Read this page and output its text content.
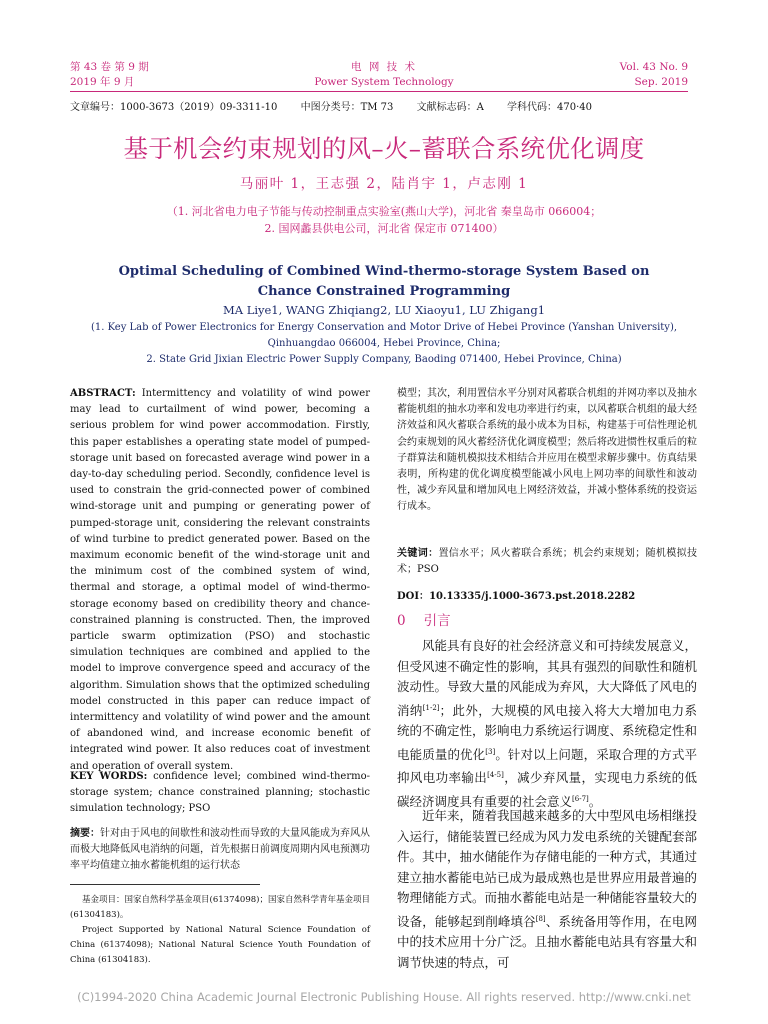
第 43 卷 第 9 期
2019 年 9 月
电 网 技 术
Power System Technology
Vol. 43 No. 9
Sep. 2019
文章编号：1000-3673（2019）09-3311-10 中图分类号：TM 73 文献标志码：A 学科代码：470·40
基于机会约束规划的风–火–蓄联合系统优化调度
马丽叶 1，王志强 2，陆肖宇 1，卢志刚 1
（1. 河北省电力电子节能与传动控制重点实验室(燕山大学)，河北省 秦皇岛市 066004；
2. 国网蠡县供电公司，河北省 保定市 071400）
Optimal Scheduling of Combined Wind-thermo-storage System Based on
Chance Constrained Programming
MA Liye1, WANG Zhiqiang2, LU Xiaoyu1, LU Zhigang1
(1. Key Lab of Power Electronics for Energy Conservation and Motor Drive of Hebei Province (Yanshan University),
Qinhuangdao 066004, Hebei Province, China;
2. State Grid Jixian Electric Power Supply Company, Baoding 071400, Hebei Province, China)
ABSTRACT: Intermittency and volatility of wind power may lead to curtailment of wind power, becoming a serious problem for wind power accommodation. Firstly, this paper establishes a operating state model of pumped-storage unit based on forecasted average wind power in a day-to-day scheduling period. Secondly, confidence level is used to constrain the grid-connected power of combined wind-storage unit and pumping or generating power of pumped-storage unit, considering the relevant constraints of wind turbine to predict generated power. Based on the maximum economic benefit of the wind-storage unit and the minimum cost of the combined system of wind, thermal and storage, a optimal model of wind-thermo-storage economy based on credibility theory and chance-constrained planning is constructed. Then, the improved particle swarm optimization (PSO) and stochastic simulation techniques are combined and applied to the model to improve convergence speed and accuracy of the algorithm. Simulation shows that the optimized scheduling model constructed in this paper can reduce impact of intermittency and volatility of wind power and the amount of abandoned wind, and increase economic benefit of integrated wind power. It also reduces coat of investment and operation of overall system.
KEY WORDS: confidence level; combined wind-thermo-storage system; chance constrained planning; stochastic simulation technology; PSO
摘要：针对由于风电的间歇性和波动性而导致的大量风能成为弃风从而极大地降低风电消纳的问题，首先根据日前调度周期内风电预测功率平均值建立抽水蓄能机组的运行状态
基金项目：国家自然科学基金项目(61374098)；国家自然科学青年基金项目(61304183)。
Project Supported by National Natural Science Foundation of China (61374098); National Natural Science Youth Foundation of China (61304183).
模型；其次，利用置信水平分别对风蓄联合机组的并网功率以及抽水蓄能机组的抽水功率和发电功率进行约束，以风蓄联合机组的最大经济效益和风火蓄联合系统的最小成本为目标，构建基于可信性理论机会约束规划的风火蓄经济优化调度模型；然后将改进惯性权重后的粒子群算法和随机模拟技术相结合并应用在模型求解步骤中。仿真结果表明，所构建的优化调度模型能减小风电上网功率的间歇性和波动性，减少弃风量和增加风电上网经济效益，并减小整体系统的投资运行成本。
关键词：置信水平；风火蓄联合系统；机会约束规划；随机模拟技术；PSO
DOI：10.13335/j.1000-3673.pst.2018.2282
0 引言
风能具有良好的社会经济意义和可持续发展意义，但受风速不确定性的影响，其具有强烈的间歇性和随机波动性。导致大量的风能成为弃风，大大降低了风电的消纳[1-2]；此外，大规模的风电接入将大大增加电力系统的不确定性，影响电力系统运行调度、系统稳定性和电能质量的优化[3]。针对以上问题，采取合理的方式平抑风电功率输出[4-5]，减少弃风量，实现电力系统的低碳经济调度具有重要的社会意义[6-7]。
近年来，随着我国越来越多的大中型风电场相继投入运行，储能装置已经成为风力发电系统的关键配套部件。其中，抽水储能作为存储电能的一种方式，其通过建立抽水蓄能电站已成为最成熟也是世界应用最普遍的物理储能方式。而抽水蓄能电站是一种储能容量较大的设备，能够起到削峰填谷[8]、系统备用等作用，在电网中的技术应用十分广泛。且抽水蓄能电站具有容量大和调节快速的特点，可
(C)1994-2020 China Academic Journal Electronic Publishing House. All rights reserved. http://www.cnki.net
